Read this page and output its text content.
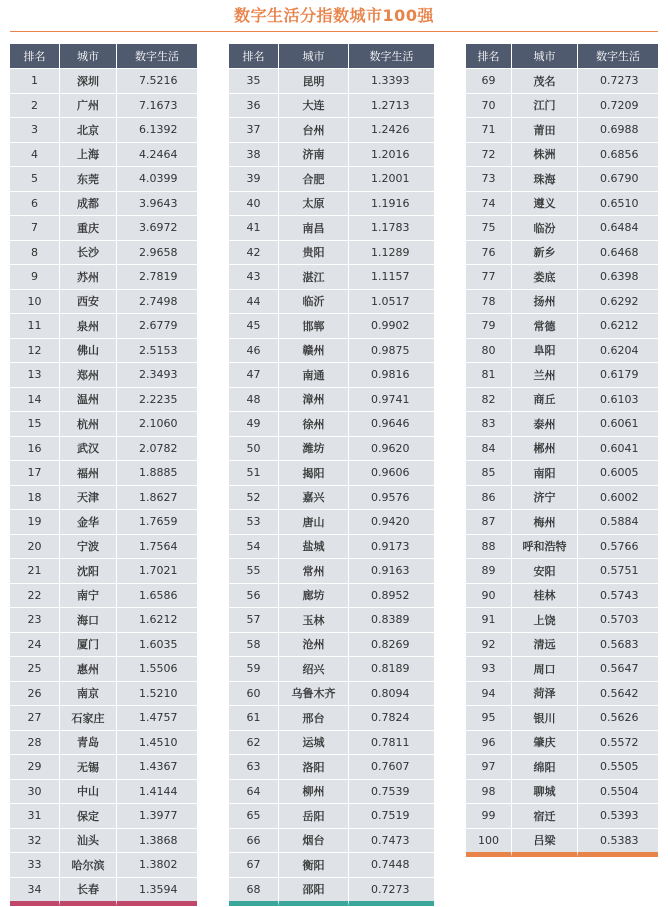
数字生活分指数城市100强
排名	城市	数字生活
1	深圳	7.5216
2	广州	7.1673
3	北京	6.1392
4	上海	4.2464
5	东莞	4.0399
6	成都	3.9643
7	重庆	3.6972
8	长沙	2.9658
9	苏州	2.7819
10	西安	2.7498
11	泉州	2.6779
12	佛山	2.5153
13	郑州	2.3493
14	温州	2.2235
15	杭州	2.1060
16	武汉	2.0782
17	福州	1.8885
18	天津	1.8627
19	金华	1.7659
20	宁波	1.7564
21	沈阳	1.7021
22	南宁	1.6586
23	海口	1.6212
24	厦门	1.6035
25	惠州	1.5506
26	南京	1.5210
27	石家庄	1.4757
28	青岛	1.4510
29	无锡	1.4367
30	中山	1.4144
31	保定	1.3977
32	汕头	1.3868
33	哈尔滨	1.3802
34	长春	1.3594
排名	城市	数字生活
35	昆明	1.3393
36	大连	1.2713
37	台州	1.2426
38	济南	1.2016
39	合肥	1.2001
40	太原	1.1916
41	南昌	1.1783
42	贵阳	1.1289
43	湛江	1.1157
44	临沂	1.0517
45	邯郸	0.9902
46	赣州	0.9875
47	南通	0.9816
48	漳州	0.9741
49	徐州	0.9646
50	潍坊	0.9620
51	揭阳	0.9606
52	嘉兴	0.9576
53	唐山	0.9420
54	盐城	0.9173
55	常州	0.9163
56	廊坊	0.8952
57	玉林	0.8389
58	沧州	0.8269
59	绍兴	0.8189
60	乌鲁木齐	0.8094
61	邢台	0.7824
62	运城	0.7811
63	洛阳	0.7607
64	柳州	0.7539
65	岳阳	0.7519
66	烟台	0.7473
67	衡阳	0.7448
68	邵阳	0.7273
排名	城市	数字生活
69	茂名	0.7273
70	江门	0.7209
71	莆田	0.6988
72	株洲	0.6856
73	珠海	0.6790
74	遵义	0.6510
75	临汾	0.6484
76	新乡	0.6468
77	娄底	0.6398
78	扬州	0.6292
79	常德	0.6212
80	阜阳	0.6204
81	兰州	0.6179
82	商丘	0.6103
83	泰州	0.6061
84	郴州	0.6041
85	南阳	0.6005
86	济宁	0.6002
87	梅州	0.5884
88	呼和浩特	0.5766
89	安阳	0.5751
90	桂林	0.5743
91	上饶	0.5703
92	清远	0.5683
93	周口	0.5647
94	菏泽	0.5642
95	银川	0.5626
96	肇庆	0.5572
97	绵阳	0.5505
98	聊城	0.5504
99	宿迁	0.5393
100	吕梁	0.5383
